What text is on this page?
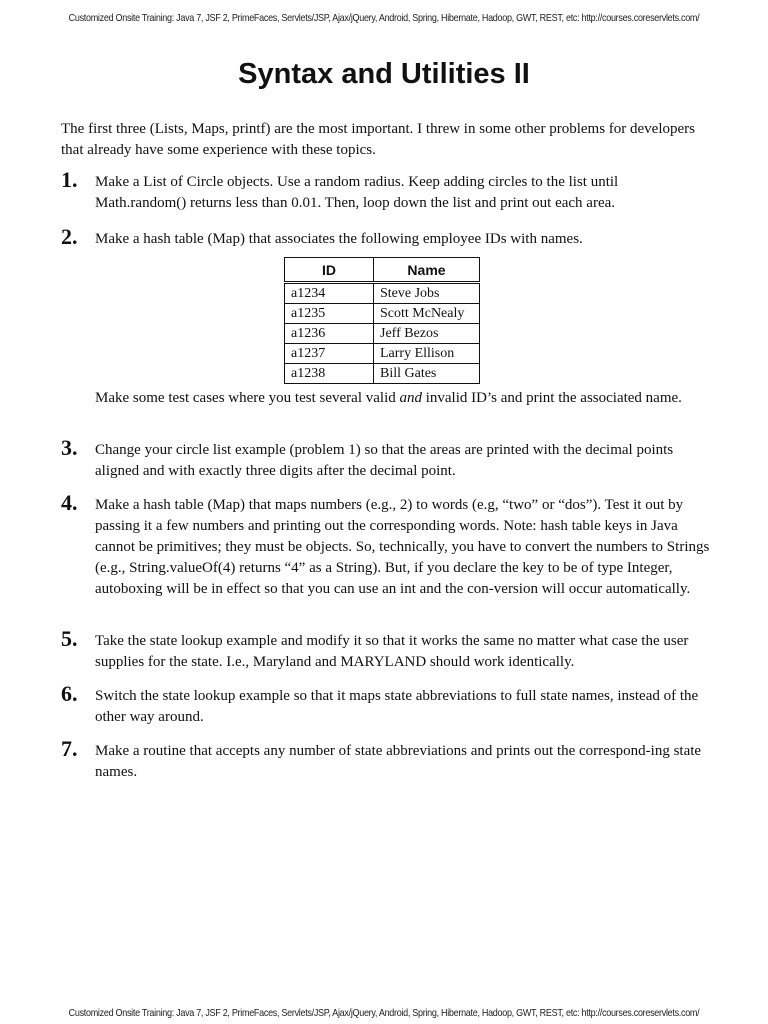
Customized Onsite Training: Java 7, JSF 2, PrimeFaces, Servlets/JSP, Ajax/jQuery, Android, Spring, Hibernate, Hadoop, GWT, REST, etc: http://courses.coreservlets.com/
Syntax and Utilities II

The first three (Lists, Maps, printf) are the most important. I threw in some other problems for developers that already have some experience with these topics.

1. Make a List of Circle objects. Use a random radius. Keep adding circles to the list until Math.random() returns less than 0.01. Then, loop down the list and print out each area.
2. Make a hash table (Map) that associates the following employee IDs with names.
ID	Name
a1234	Steve Jobs
a1235	Scott McNealy
a1236	Jeff Bezos
a1237	Larry Ellison
a1238	Bill Gates
Make some test cases where you test several valid and invalid ID’s and print the associated name.
3. Change your circle list example (problem 1) so that the areas are printed with the decimal points aligned and with exactly three digits after the decimal point.
4. Make a hash table (Map) that maps numbers (e.g., 2) to words (e.g, “two” or “dos”). Test it out by passing it a few numbers and printing out the corresponding words. Note: hash table keys in Java cannot be primitives; they must be objects. So, technically, you have to convert the numbers to Strings (e.g., String.valueOf(4) returns “4” as a String). But, if you declare the key to be of type Integer, autoboxing will be in effect so that you can use an int and the con-version will occur automatically.
5. Take the state lookup example and modify it so that it works the same no matter what case the user supplies for the state. I.e., Maryland and MARYLAND should work identically.
6. Switch the state lookup example so that it maps state abbreviations to full state names, instead of the other way around.
7. Make a routine that accepts any number of state abbreviations and prints out the correspond-ing state names.
Customized Onsite Training: Java 7, JSF 2, PrimeFaces, Servlets/JSP, Ajax/jQuery, Android, Spring, Hibernate, Hadoop, GWT, REST, etc: http://courses.coreservlets.com/
